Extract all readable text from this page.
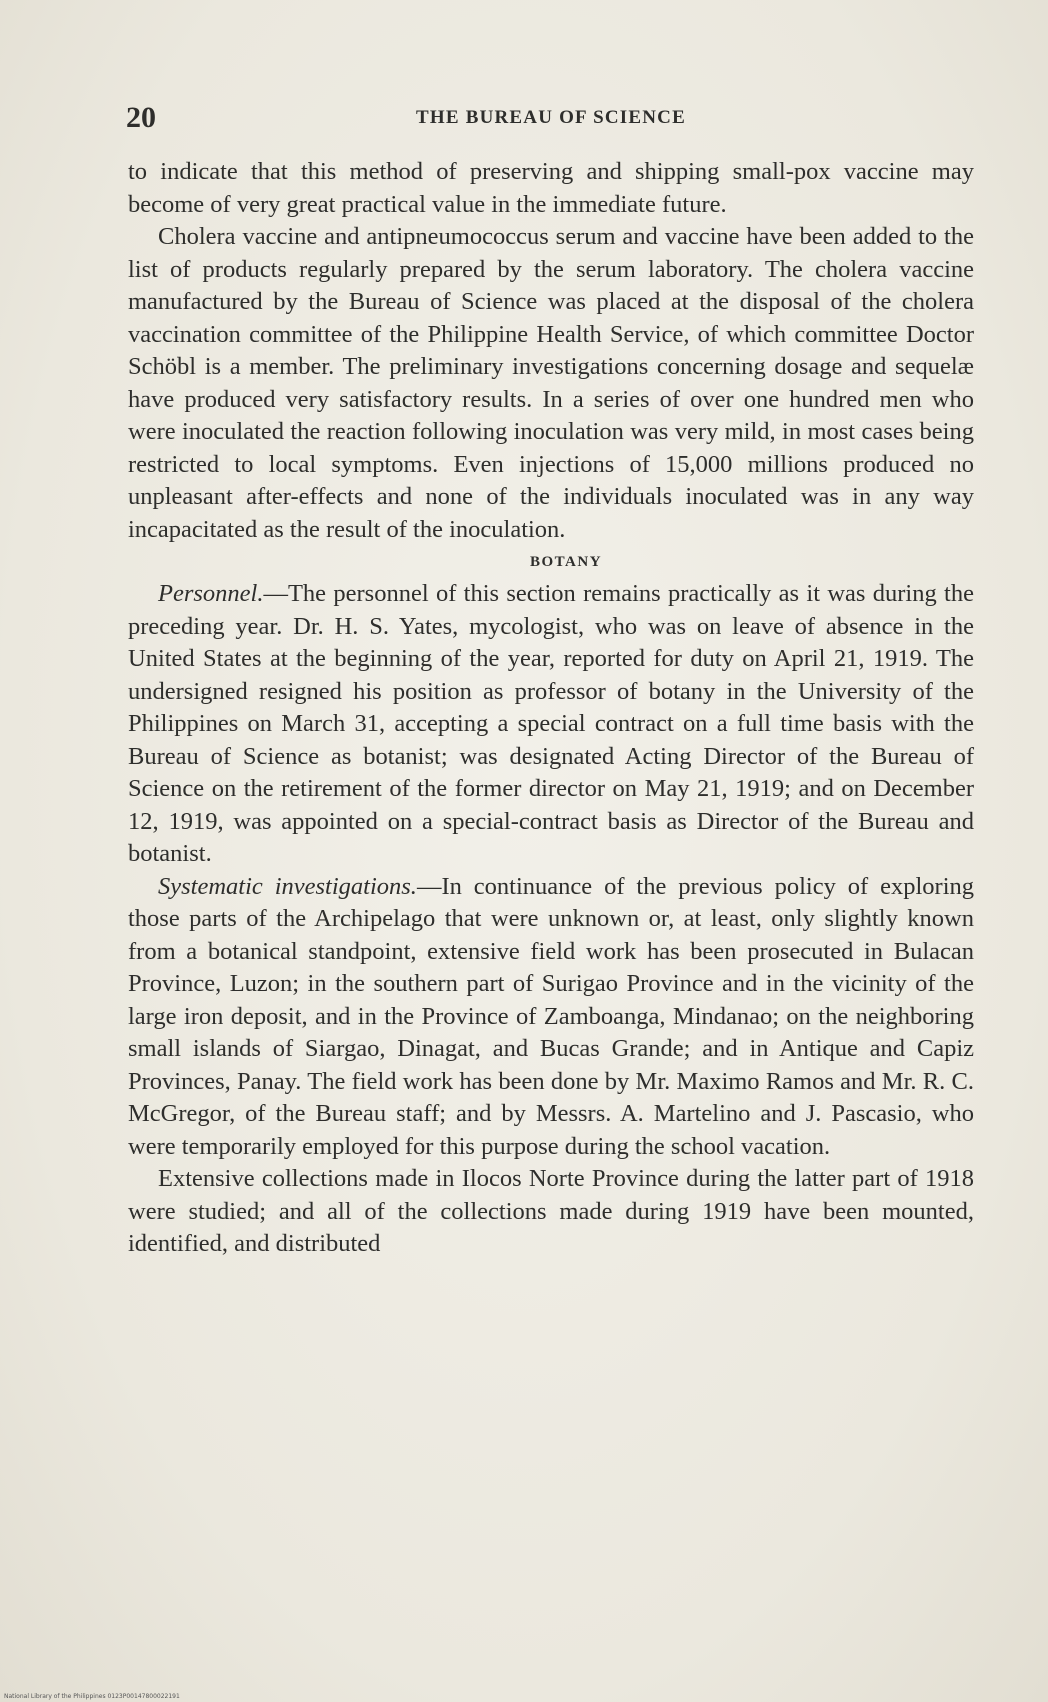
20	THE BUREAU OF SCIENCE

to indicate that this method of preserving and shipping small-pox vaccine may become of very great practical value in the immediate future.

Cholera vaccine and antipneumococcus serum and vaccine have been added to the list of products regularly prepared by the serum laboratory. The cholera vaccine manufactured by the Bureau of Science was placed at the disposal of the cholera vaccination committee of the Philippine Health Service, of which committee Doctor Schöbl is a member. The preliminary investigations concerning dosage and sequelæ have produced very satisfactory results. In a series of over one hundred men who were inoculated the reaction following inoculation was very mild, in most cases being restricted to local symptoms. Even injections of 15,000 millions produced no unpleasant after-effects and none of the individuals inoculated was in any way incapacitated as the result of the inoculation.

BOTANY

Personnel.—The personnel of this section remains practically as it was during the preceding year. Dr. H. S. Yates, mycologist, who was on leave of absence in the United States at the beginning of the year, reported for duty on April 21, 1919. The undersigned resigned his position as professor of botany in the University of the Philippines on March 31, accepting a special contract on a full time basis with the Bureau of Science as botanist; was designated Acting Director of the Bureau of Science on the retirement of the former director on May 21, 1919; and on December 12, 1919, was appointed on a special-contract basis as Director of the Bureau and botanist.

Systematic investigations.—In continuance of the previous policy of exploring those parts of the Archipelago that were unknown or, at least, only slightly known from a botanical standpoint, extensive field work has been prosecuted in Bulacan Province, Luzon; in the southern part of Surigao Province and in the vicinity of the large iron deposit, and in the Province of Zamboanga, Mindanao; on the neighboring small islands of Siargao, Dinagat, and Bucas Grande; and in Antique and Capiz Provinces, Panay. The field work has been done by Mr. Maximo Ramos and Mr. R. C. McGregor, of the Bureau staff; and by Messrs. A. Martelino and J. Pascasio, who were temporarily employed for this purpose during the school vacation.

Extensive collections made in Ilocos Norte Province during the latter part of 1918 were studied; and all of the collections made during 1919 have been mounted, identified, and distributed

National Library of the Philippines 0123P00147800022191
